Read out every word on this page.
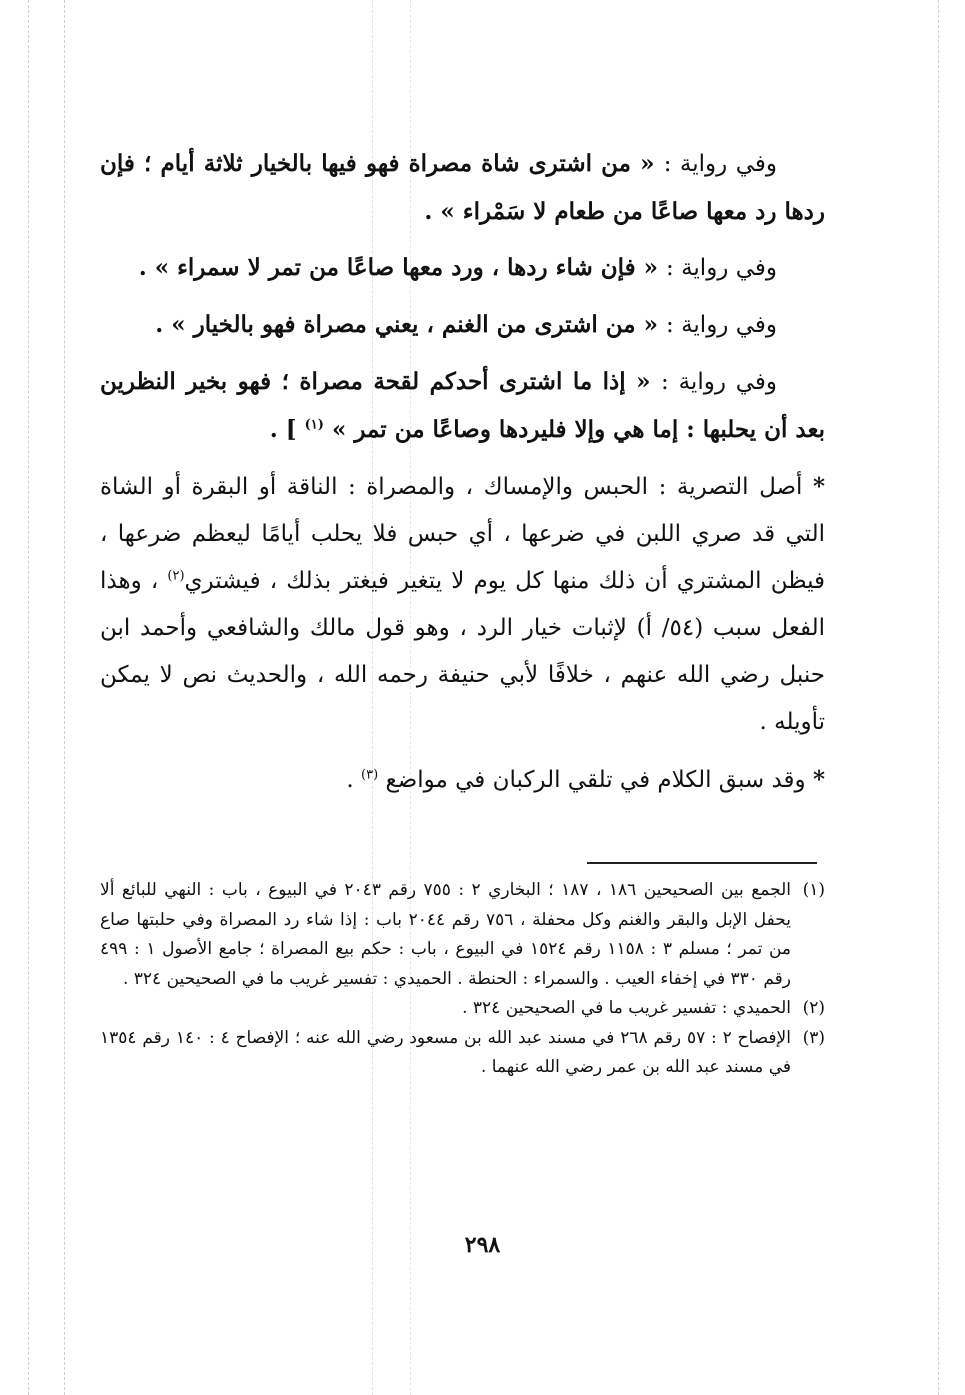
وفي رواية : « من اشترى شاة مصراة فهو فيها بالخيار ثلاثة أيام ؛ فإن ردها رد معها صاعًا من طعام لا سَمْراء » .

وفي رواية : « فإن شاء ردها ، ورد معها صاعًا من تمر لا سمراء » .

وفي رواية : « من اشترى من الغنم ، يعني مصراة فهو بالخيار » .

وفي رواية : « إذا ما اشترى أحدكم لقحة مصراة ؛ فهو بخير النظرين بعد أن يحلبها : إما هي وإلا فليردها وصاعًا من تمر » $^{(١)}$ ] .

* أصل التصرية : الحبس والإمساك ، والمصراة : الناقة أو البقرة أو الشاة التي قد صري اللبن في ضرعها ، أي حبس فلا يحلب أيامًا ليعظم ضرعها ، فيظن المشتري أن ذلك منها كل يوم لا يتغير فيغتر بذلك ، فيشتري$^{(٢)}$ ، وهذا الفعل سبب (٥٤/ أ) لإثبات خيار الرد ، وهو قول مالك والشافعي وأحمد ابن حنبل رضي الله عنهم ، خلافًا لأبي حنيفة رحمه الله ، والحديث نص لا يمكن تأويله .

* وقد سبق الكلام في تلقي الركبان في مواضع $^{(٣)}$ .

(١)
الجمع بين الصحيحين ١٨٦ ، ١٨٧ ؛ البخاري ٢ : ٧٥٥ رقم ٢٠٤٣ في البيوع ، باب : النهي للبائع ألا يحفل الإبل والبقر والغنم وكل محفلة ، ٧٥٦ رقم ٢٠٤٤ باب : إذا شاء رد المصراة وفي حلبتها صاع من تمر ؛ مسلم ٣ : ١١٥٨ رقم ١٥٢٤ في البيوع ، باب : حكم بيع المصراة ؛ جامع الأصول ١ : ٤٩٩ رقم ٣٣٠ في إخفاء العيب . والسمراء : الحنطة . الحميدي : تفسير غريب ما في الصحيحين ٣٢٤ .
(٢)
الحميدي : تفسير غريب ما في الصحيحين ٣٢٤ .
(٣)
الإفصاح ٢ : ٥٧ رقم ٢٦٨ في مسند عبد الله بن مسعود رضي الله عنه ؛ الإفصاح ٤ : ١٤٠ رقم ١٣٥٤ في مسند عبد الله بن عمر رضي الله عنهما .
٢٩٨
